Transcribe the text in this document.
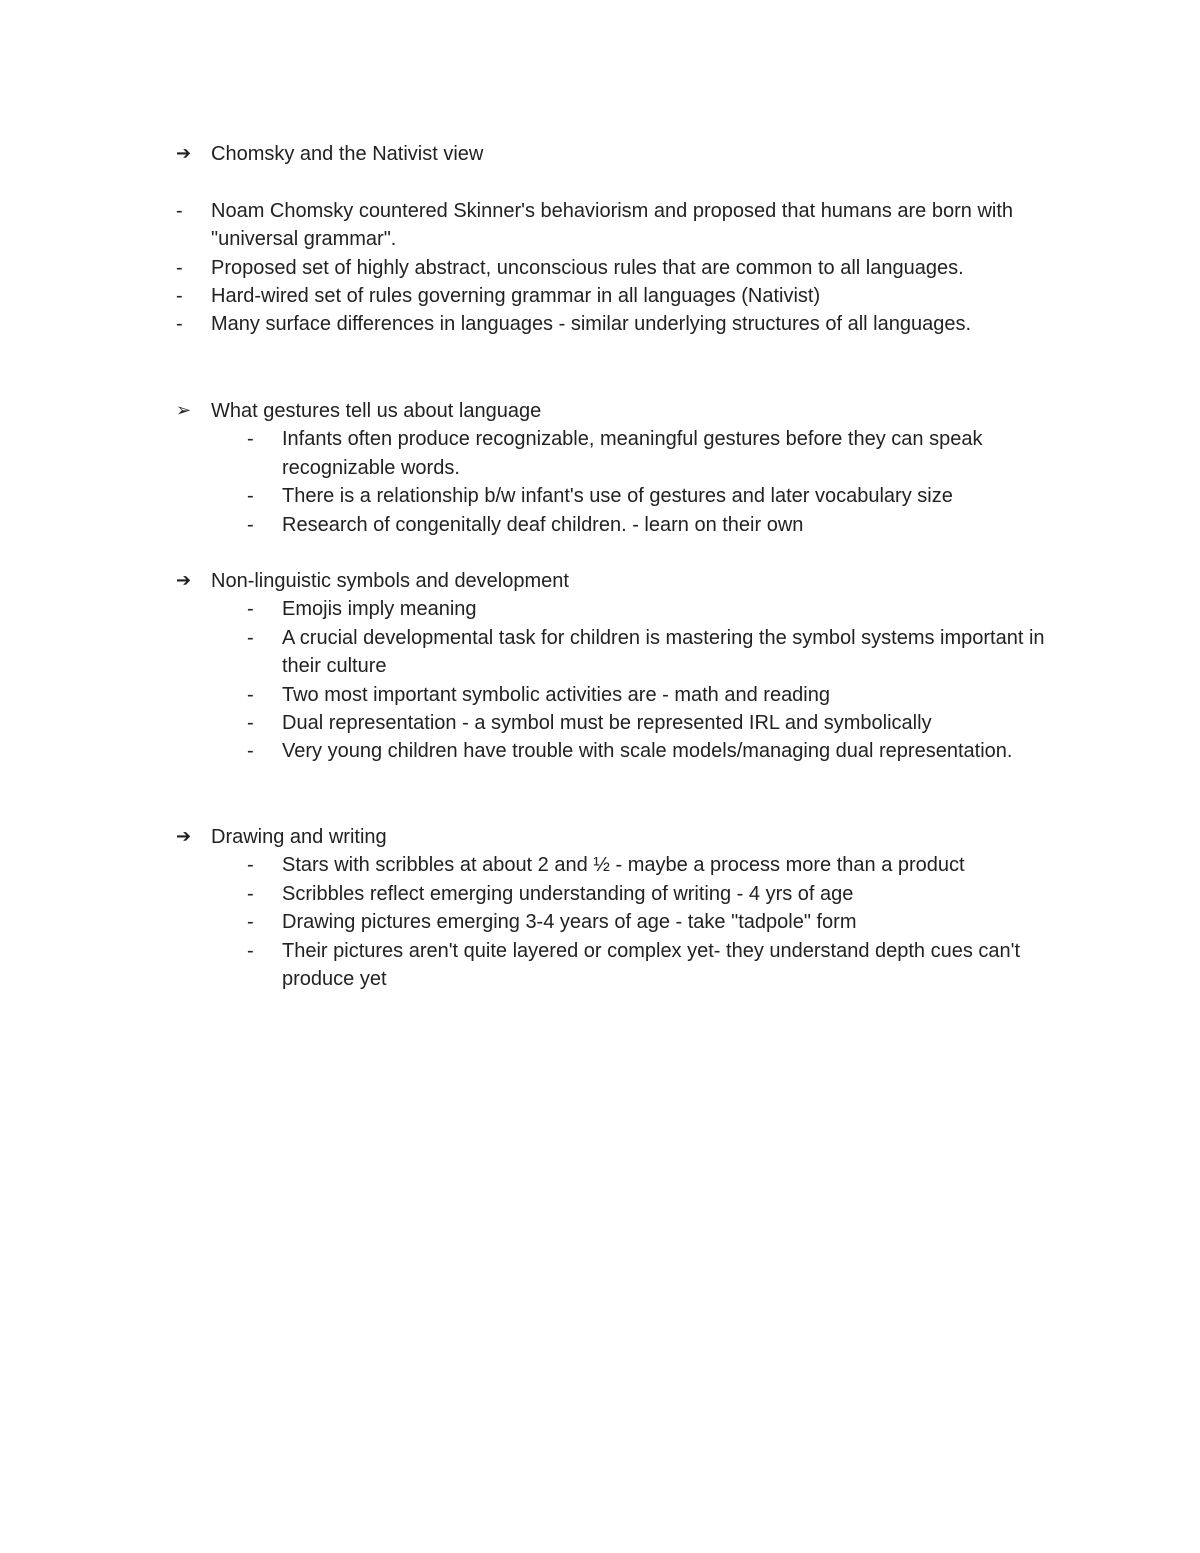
➔ Chomsky and the Nativist view
- Noam Chomsky countered Skinner's behaviorism and proposed that humans are born with "universal grammar".
- Proposed set of highly abstract, unconscious rules that are common to all languages.
- Hard-wired set of rules governing grammar in all languages (Nativist)
- Many surface differences in languages - similar underlying structures of all languages.
➢ What gestures tell us about language
- Infants often produce recognizable, meaningful gestures before they can speak recognizable words.
- There is a relationship b/w infant's use of gestures and later vocabulary size
- Research of congenitally deaf children. - learn on their own
➔ Non-linguistic symbols and development
- Emojis imply meaning
- A crucial developmental task for children is mastering the symbol systems important in their culture
- Two most important symbolic activities are - math and reading
- Dual representation - a symbol must be represented IRL and symbolically
- Very young children have trouble with scale models/managing dual representation.
➔ Drawing and writing
- Stars with scribbles at about 2 and ½ - maybe a process more than a product
- Scribbles reflect emerging understanding of writing - 4 yrs of age
- Drawing pictures emerging 3-4 years of age - take "tadpole" form
- Their pictures aren't quite layered or complex yet- they understand depth cues can't produce yet
